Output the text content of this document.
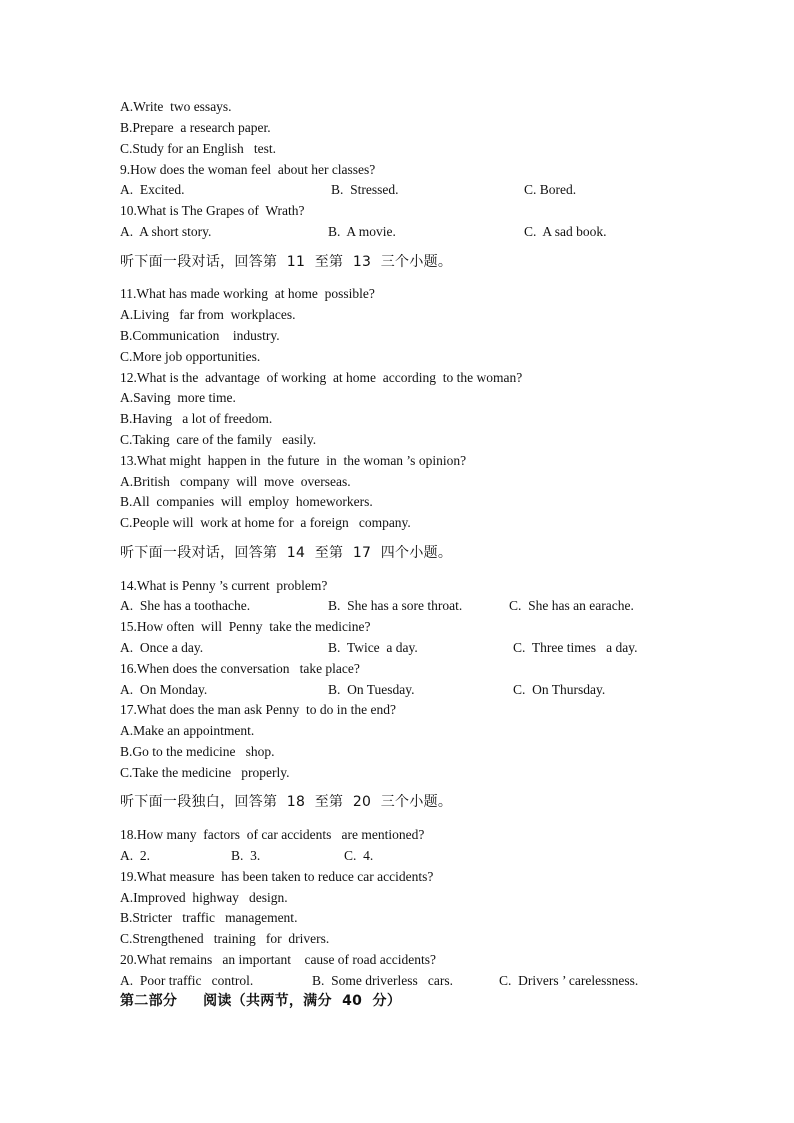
A.Write  two essays.
B.Prepare  a research paper.
C.Study for an English   test.
9.How does the woman feel  about her classes?
A.  Excited.	B.  Stressed.	C. Bored.
10.What is The Grapes of  Wrath?
A.  A short story.	B.  A movie.	C.  A sad book.
听下面一段对话，回答第  11  至第  13  三个小题。
11.What has made working  at home  possible?
A.Living   far from  workplaces.
B.Communication    industry.
C.More job opportunities.
12.What is the  advantage  of working  at home  according  to the woman?
A.Saving  more time.
B.Having   a lot of freedom.
C.Taking  care of the family   easily.
13.What might  happen in  the future  in  the woman ’s opinion?
A.British   company  will  move  overseas.
B.All  companies  will  employ  homeworkers.
C.People will  work at home for  a foreign   company.
听下面一段对话，回答第  14  至第  17  四个小题。
14.What is Penny ’s current  problem?
A.  She has a toothache.	B.  She has a sore throat.	C.  She has an earache.
15.How often  will  Penny  take the medicine?
A.  Once a day.	B.  Twice  a day.	C.  Three times   a day.
16.When does the conversation   take place?
A.  On Monday.	B.  On Tuesday.	C.  On Thursday.
17.What does the man ask Penny  to do in the end?
A.Make an appointment.
B.Go to the medicine   shop.
C.Take the medicine   properly.
听下面一段独白，回答第  18  至第  20  三个小题。
18.How many  factors  of car accidents   are mentioned?
A.  2.	B.  3.	C.  4.
19.What measure  has been taken to reduce car accidents?
A.Improved  highway   design.
B.Stricter   traffic   management.
C.Strengthened   training   for  drivers.
20.What remains   an important    cause of road accidents?
A.  Poor traffic   control.	B.  Some driverless   cars.	C.  Drivers ’ carelessness.
第二部分     阅读（共两节，满分  40  分）
